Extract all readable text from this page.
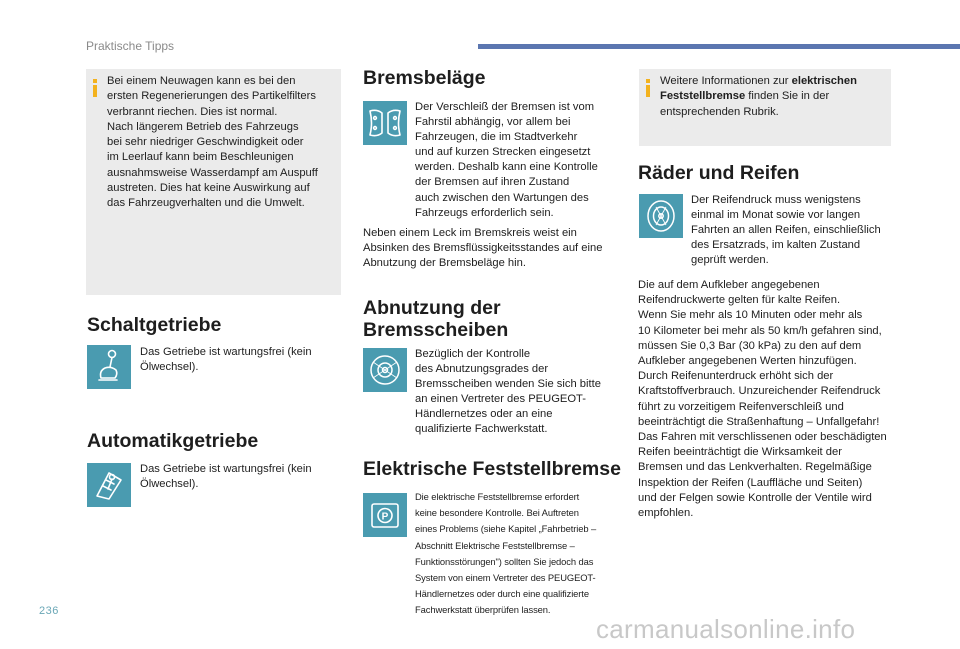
Praktische Tipps
Bei einem Neuwagen kann es bei den
ersten Regenerierungen des Partikelfilters
verbrannt riechen. Dies ist normal.
Nach längerem Betrieb des Fahrzeugs
bei sehr niedriger Geschwindigkeit oder
im Leerlauf kann beim Beschleunigen
ausnahmsweise Wasserdampf am Auspuff
austreten. Dies hat keine Auswirkung auf
das Fahrzeugverhalten und die Umwelt.
Schaltgetriebe
Das Getriebe ist wartungsfrei (kein
Ölwechsel).
Automatikgetriebe
Das Getriebe ist wartungsfrei (kein
Ölwechsel).
Bremsbeläge
Der Verschleiß der Bremsen ist vom
Fahrstil abhängig, vor allem bei
Fahrzeugen, die im Stadtverkehr
und auf kurzen Strecken eingesetzt
werden. Deshalb kann eine Kontrolle
der Bremsen auf ihren Zustand
auch zwischen den Wartungen des
Fahrzeugs erforderlich sein.
Neben einem Leck im Bremskreis weist ein
Absinken des Bremsflüssigkeitsstandes auf eine
Abnutzung der Bremsbeläge hin.
Abnutzung der
Bremsscheiben
Bezüglich der Kontrolle
des Abnutzungsgrades der
Bremsscheiben wenden Sie sich bitte
an einen Vertreter des PEUGEOT-
Händlernetzes oder an eine
qualifizierte Fachwerkstatt.
Elektrische Feststellbremse
P
Die elektrische Feststellbremse erfordert
keine besondere Kontrolle. Bei Auftreten
eines Problems (siehe Kapitel „Fahrbetrieb –
Abschnitt Elektrische Feststellbremse –
Funktionsstörungen") sollten Sie jedoch das
System von einem Vertreter des PEUGEOT-
Händlernetzes oder durch eine qualifizierte
Fachwerkstatt überprüfen lassen.
Weitere Informationen zur elektrischen
Feststellbremse finden Sie in der
entsprechenden Rubrik.
Räder und Reifen
Der Reifendruck muss wenigstens
einmal im Monat sowie vor langen
Fahrten an allen Reifen, einschließlich
des Ersatzrads, im kalten Zustand
geprüft werden.
Die auf dem Aufkleber angegebenen
Reifendruckwerte gelten für kalte Reifen.
Wenn Sie mehr als 10 Minuten oder mehr als
10 Kilometer bei mehr als 50 km/h gefahren sind,
müssen Sie 0,3 Bar (30 kPa) zu den auf dem
Aufkleber angegebenen Werten hinzufügen.
Durch Reifenunterdruck erhöht sich der
Kraftstoffverbrauch. Unzureichender Reifendruck
führt zu vorzeitigem Reifenverschleiß und
beeinträchtigt die Straßenhaftung – Unfallgefahr!
Das Fahren mit verschlissenen oder beschädigten
Reifen beeinträchtigt die Wirksamkeit der
Bremsen und das Lenkverhalten. Regelmäßige
Inspektion der Reifen (Lauffläche und Seiten)
und der Felgen sowie Kontrolle der Ventile wird
empfohlen.
236
carmanualsonline.info
